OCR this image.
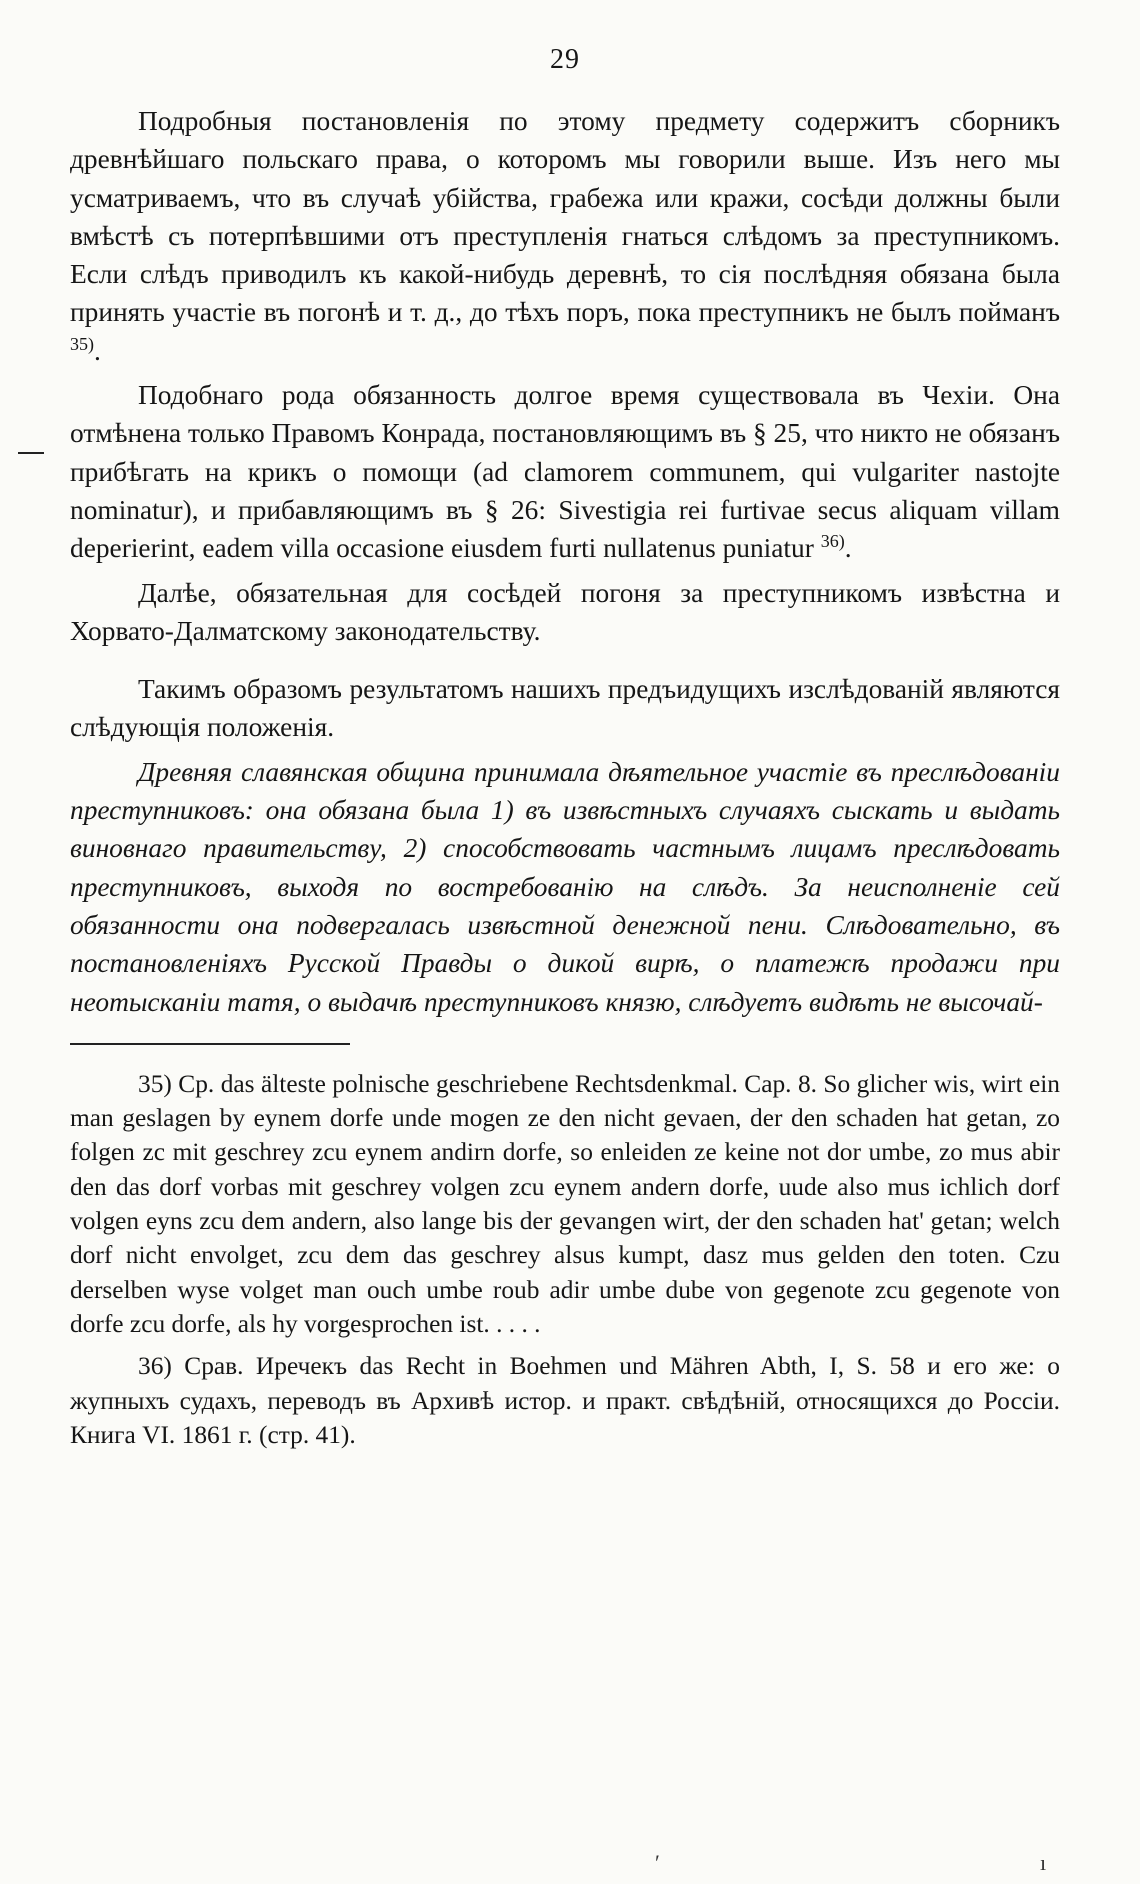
′	ı
29

Подробныя постановленія по этому предмету содержитъ сборникъ древнѣйшаго польскаго права, о которомъ мы говорили выше. Изъ него мы усматриваемъ, что въ случаѣ убійства, грабежа или кражи, сосѣди должны были вмѣстѣ съ потерпѣвшими отъ преступленія гнаться слѣдомъ за преступникомъ. Если слѣдъ приводилъ къ какой-нибудь деревнѣ, то сія послѣдняя обязана была принять участіе въ погонѣ и т. д., до тѣхъ поръ, пока преступникъ не былъ пойманъ $^{35)}$.

Подобнаго рода обязанность долгое время существовала въ Чехіи. Она отмѣнена только Правомъ Конрада, постановляющимъ въ § 25, что никто не обязанъ прибѣгать на крикъ о помощи (ad clamorem communem, qui vulgariter nastojte nominatur), и прибавляющимъ въ § 26: Sivestigia rei furtivae secus aliquam villam deperierint, eadem villa occasione eiusdem furti nullatenus puniatur $^{36)}$.

Далѣе, обязательная для сосѣдей погоня за преступникомъ извѣстна и Хорвато-Далматскому законодательству.

Такимъ образомъ результатомъ нашихъ предъидущихъ изслѣдованій являются слѣдующія положенія.

Древняя славянская община принимала дѣятельное участіе въ преслѣдованіи преступниковъ: она обязана была 1) въ извѣстныхъ случаяхъ сыскать и выдать виновнаго правительству, 2) способствовать частнымъ лицамъ преслѣдовать преступниковъ, выходя по востребованію на слѣдъ. За неисполненіе сей обязанности она подвергалась извѣстной денежной пени. Слѣдовательно, въ постановленіяхъ Русской Правды о дикой вирѣ, о платежѣ продажи при неотысканіи татя, о выдачѣ преступниковъ князю, слѣдуетъ видѣть не высочай-

35) Ср. das älteste polnische geschriebene Rechtsdenkmal. Cap. 8. So glicher wis, wirt ein man geslagen by eynem dorfe unde mogen ze den nicht gevaen, der den schaden hat getan, zo folgen zc mit geschrey zcu eynem andirn dorfe, so enleiden ze keine not dor umbe, zo mus abir den das dorf vorbas mit geschrey volgen zcu eynem andern dorfe, uude also mus ichlich dorf volgen eyns zcu dem andern, also lange bis der gevangen wirt, der den schaden hat' getan; welch dorf nicht envolget, zcu dem das geschrey alsus kumpt, dasz mus gelden den toten. Czu derselben wyse volget man ouch umbe roub adir umbe dube von gegenote zcu gegenote von dorfe zcu dorfe, als hy vorgesprochen ist. . . . .

36) Срав. Иречекъ das Recht in Boehmen und Mähren Abth, I, S. 58 и его же: о жупныхъ судахъ, переводъ въ Архивѣ истор. и практ. свѣдѣній, относящихся до Россіи. Книга VI. 1861 г. (стр. 41).
